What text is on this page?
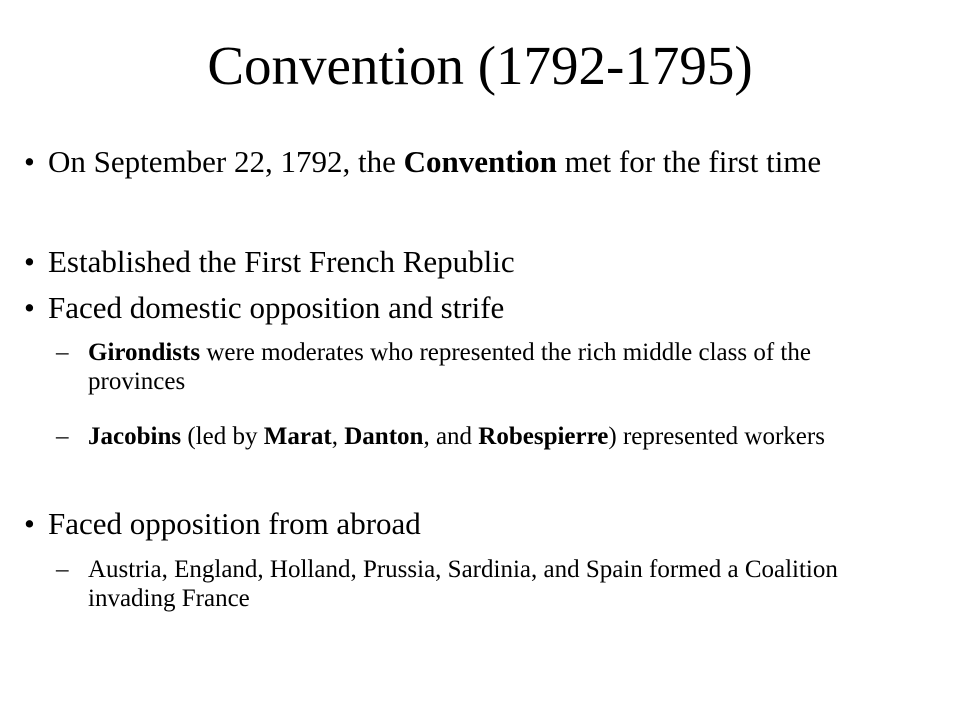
Convention (1792-1795)
• On September 22, 1792, the Convention met for the first time
• Established the First French Republic
• Faced domestic opposition and strife
– Girondists were moderates who represented the rich middle class of the provinces
– Jacobins (led by Marat, Danton, and Robespierre) represented workers
• Faced opposition from abroad
– Austria, England, Holland, Prussia, Sardinia, and Spain formed a Coalition invading France
